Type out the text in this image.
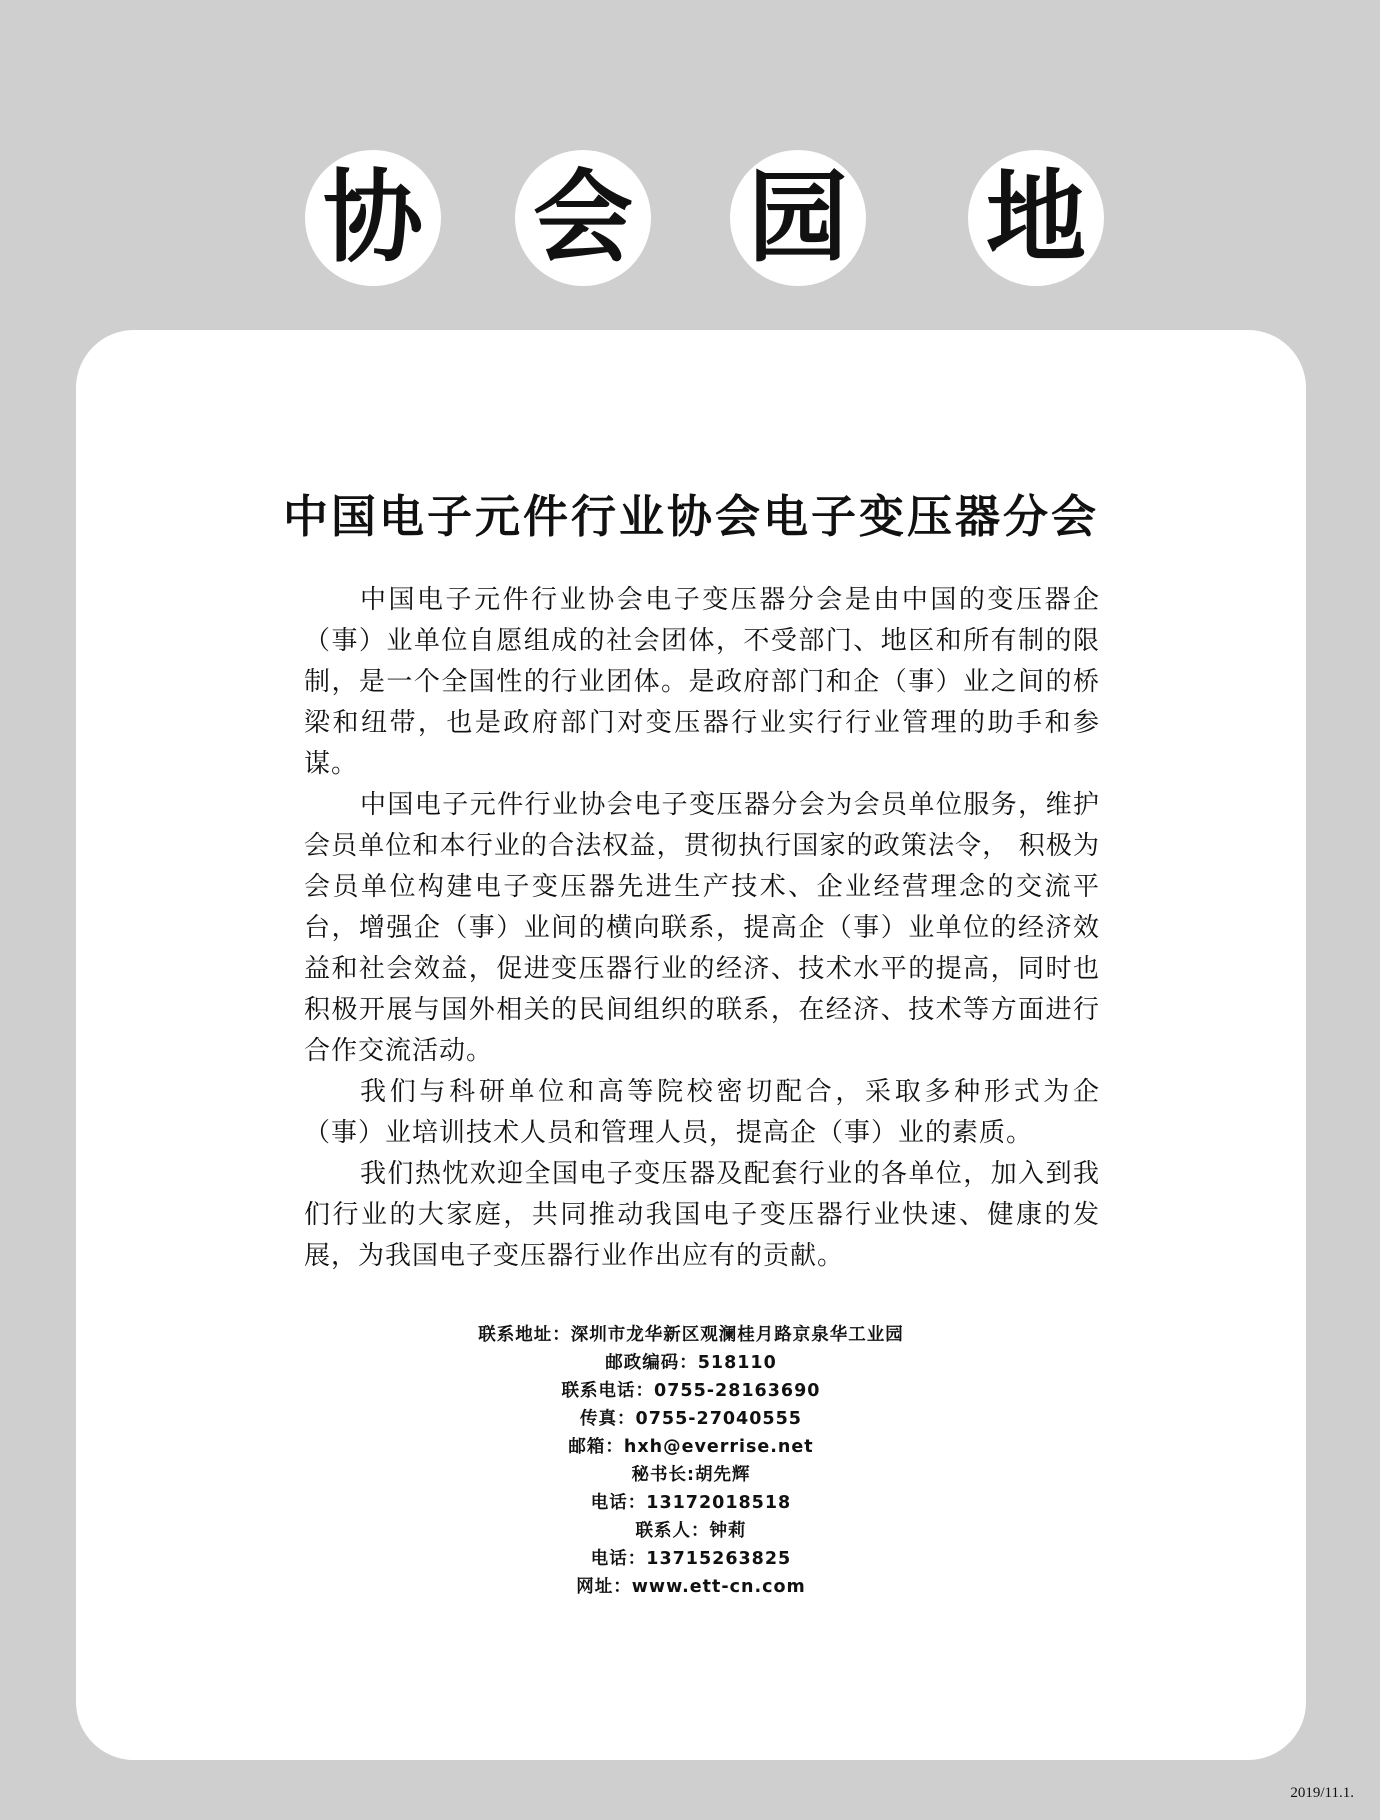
协 会 园 地
中国电子元件行业协会电子变压器分会

中国电子元件行业协会电子变压器分会是由中国的变压器企（事）业单位自愿组成的社会团体，不受部门、地区和所有制的限制，是一个全国性的行业团体。是政府部门和企（事）业之间的桥梁和纽带，也是政府部门对变压器行业实行行业管理的助手和参谋。

中国电子元件行业协会电子变压器分会为会员单位服务，维护会员单位和本行业的合法权益，贯彻执行国家的政策法令， 积极为会员单位构建电子变压器先进生产技术、企业经营理念的交流平台，增强企（事）业间的横向联系，提高企（事）业单位的经济效益和社会效益，促进变压器行业的经济、技术水平的提高，同时也积极开展与国外相关的民间组织的联系，在经济、技术等方面进行合作交流活动。

我们与科研单位和高等院校密切配合，采取多种形式为企（事）业培训技术人员和管理人员，提高企（事）业的素质。

我们热忱欢迎全国电子变压器及配套行业的各单位，加入到我们行业的大家庭，共同推动我国电子变压器行业快速、健康的发展，为我国电子变压器行业作出应有的贡献。

联系地址：深圳市龙华新区观澜桂月路京泉华工业园
邮政编码：518110
联系电话：0755-28163690
传真：0755-27040555
邮箱：hxh@everrise.net
秘书长:胡先辉
电话：13172018518
联系人：钟莉
电话：13715263825
网址：www.ett-cn.com
2019/11.1.
